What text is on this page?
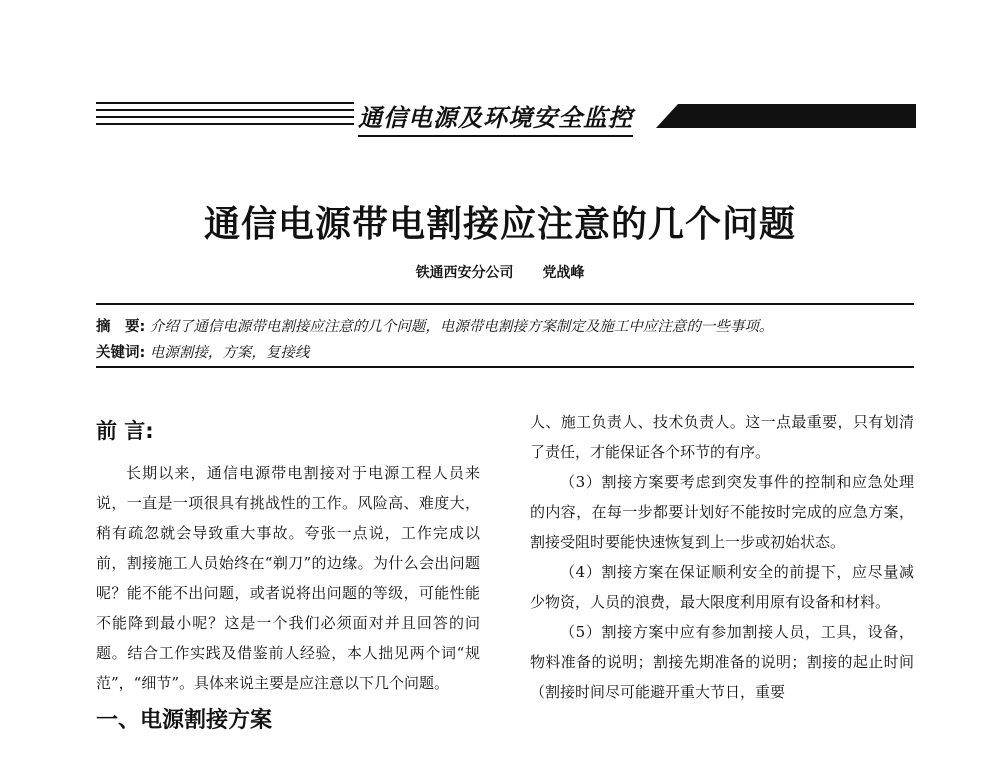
通信电源及环境安全监控
通信电源带电割接应注意的几个问题
铁通西安分公司 党战峰
摘　要: 介绍了通信电源带电割接应注意的几个问题，电源带电割接方案制定及施工中应注意的一些事项。
关键词: 电源割接，方案，复接线
前 言:

长期以来，通信电源带电割接对于电源工程人员来说，一直是一项很具有挑战性的工作。风险高、难度大，稍有疏忽就会导致重大事故。夸张一点说，工作完成以前，割接施工人员始终在“剃刀”的边缘。为什么会出问题呢？能不能不出问题，或者说将出问题的等级，可能性能不能降到最小呢？这是一个我们必须面对并且回答的问题。结合工作实践及借鉴前人经验，本人拙见两个词“规范”，“细节”。具体来说主要是应注意以下几个问题。

一、电源割接方案

人、施工负责人、技术负责人。这一点最重要，只有划清了责任，才能保证各个环节的有序。

（3）割接方案要考虑到突发事件的控制和应急处理的内容，在每一步都要计划好不能按时完成的应急方案，割接受阻时要能快速恢复到上一步或初始状态。

（4）割接方案在保证顺利安全的前提下，应尽量减少物资，人员的浪费，最大限度利用原有设备和材料。

（5）割接方案中应有参加割接人员，工具，设备，物料准备的说明；割接先期准备的说明；割接的起止时间（割接时间尽可能避开重大节日，重要
